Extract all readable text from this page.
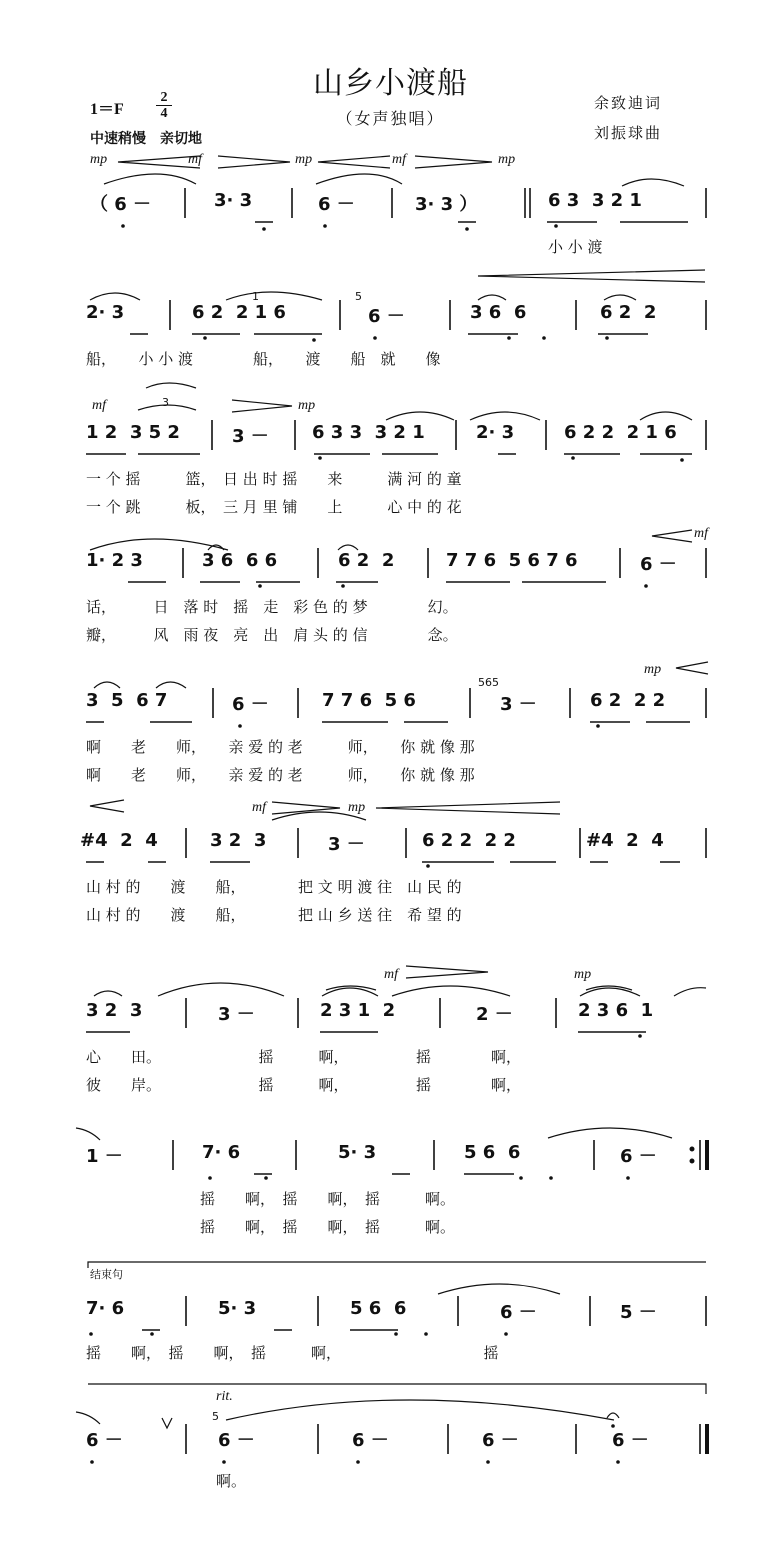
山乡小渡船
（女声独唱）
余致迪词
刘振球曲
1＝F
2
4
中速稍慢　亲切地
mp	mf	mp	mf	mp
mf	mp
mf
mp
mf	mp
mf	mp
rit.
1	5
565
5
3
结束句
（ 6 －	3· 3	6 －	3· 3 ）	6 3  3 2 1
小 小 渡
2· 3	6 2  2 1 6	6 －	3 6  6	6 2  2
船，　　小 小 渡　　　　船，　　渡　　船　就　　像
1 2  3 5 2	3 － 6 3 3  3 2 1	2· 3	6 2 2  2 1 6
一 个 摇　　　篮，　日 出 时 摇　　来　　　满 河 的 童
一 个 跳　　　板，　三 月 里 铺　　上　　　心 中 的 花
1· 2 3	3 6  6 6	6 2  2	7 7 6  5 6 7 6	6 －
话，　　　日　落 时　摇　走　彩 色 的 梦　　　　幻。
瓣，　　　风　雨 夜　亮　出　肩 头 的 信　　　　念。
3  5  6 7	6 －	7 7 6  5 6	3 －	6 2  2 2
啊　　老　　师，　　亲 爱 的 老　　　师，　　你 就 像 那
啊　　老　　师，　　亲 爱 的 老　　　师，　　你 就 像 那
#4  2  4	3 2  3	3 －	6 2 2  2 2	#4  2  4
山 村 的　　渡　　船，　　　　把 文 明 渡 往　山 民 的
山 村 的　　渡　　船，　　　　把 山 乡 送 往　希 望 的
3 2  3	3 －	2 3 1  2	2 －	2 3 6  1
心　　田。　　　　　　　摇　　　啊，　　　　　摇　　　　啊，
彼　　岸。　　　　　　　摇　　　啊，　　　　　摇　　　　啊，
1 －	7· 6	5· 3	5 6  6	6 －
摇　　啊，　摇　　啊，　摇　　　啊。
摇　　啊，　摇　　啊，　摇　　　啊。
7· 6	5· 3	5 6  6	6 －	5 －
摇　　啊，　摇　　啊，　摇　　　啊，　　　　　　　　　　摇
6 －	6 －	6 －	6 －	6 －
啊。
